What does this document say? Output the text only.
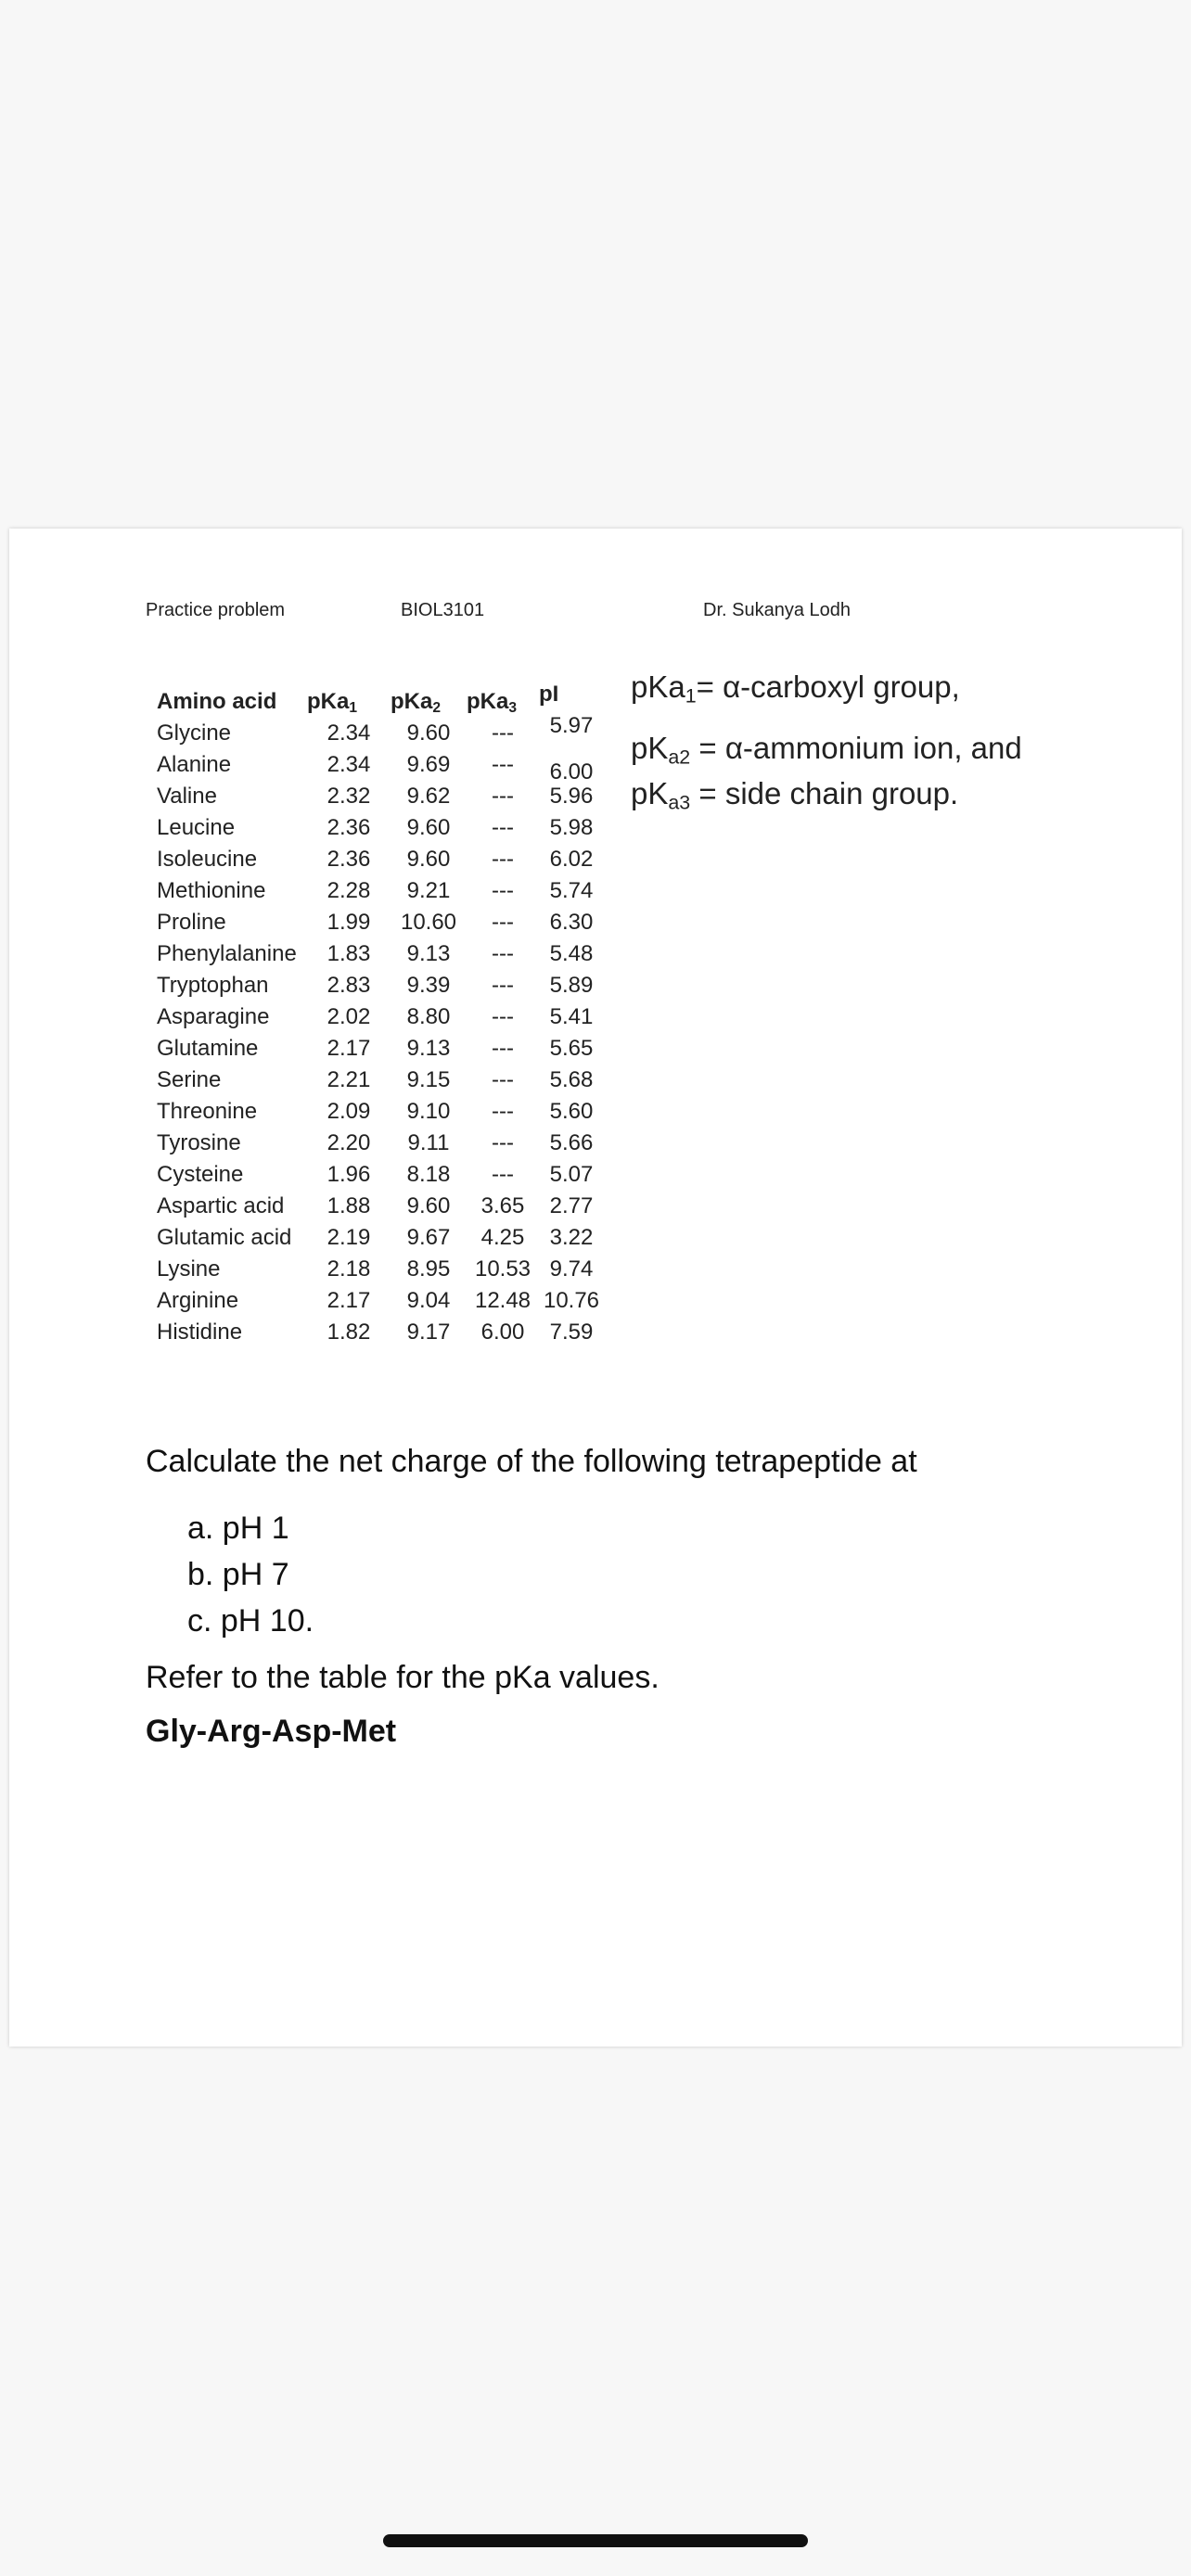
Practice problem	BIOL3101	Dr. Sukanya Lodh
Amino acid	pKa$_1$	pKa$_2$	pKa$_3$	pI
Glycine	2.34	9.60	---	5.97
Alanine	2.34	9.69	---	6.00
Valine	2.32	9.62	---	5.96
Leucine	2.36	9.60	---	5.98
Isoleucine	2.36	9.60	---	6.02
Methionine	2.28	9.21	---	5.74
Proline	1.99	10.60	---	6.30
Phenylalanine	1.83	9.13	---	5.48
Tryptophan	2.83	9.39	---	5.89
Asparagine	2.02	8.80	---	5.41
Glutamine	2.17	9.13	---	5.65
Serine	2.21	9.15	---	5.68
Threonine	2.09	9.10	---	5.60
Tyrosine	2.20	9.11	---	5.66
Cysteine	1.96	8.18	---	5.07
Aspartic acid	1.88	9.60	3.65	2.77
Glutamic acid	2.19	9.67	4.25	3.22
Lysine	2.18	8.95	10.53	9.74
Arginine	2.17	9.04	12.48	10.76
Histidine	1.82	9.17	6.00	7.59
pKa$_1$= α-carboxyl group,
$pK_{a2}$ = α-ammonium ion, and
$pK_{a3}$ = side chain group.
Calculate the net charge of the following tetrapeptide at
a. pH 1
b. pH 7
c. pH 10.
Refer to the table for the pKa values.
Gly-Arg-Asp-Met
